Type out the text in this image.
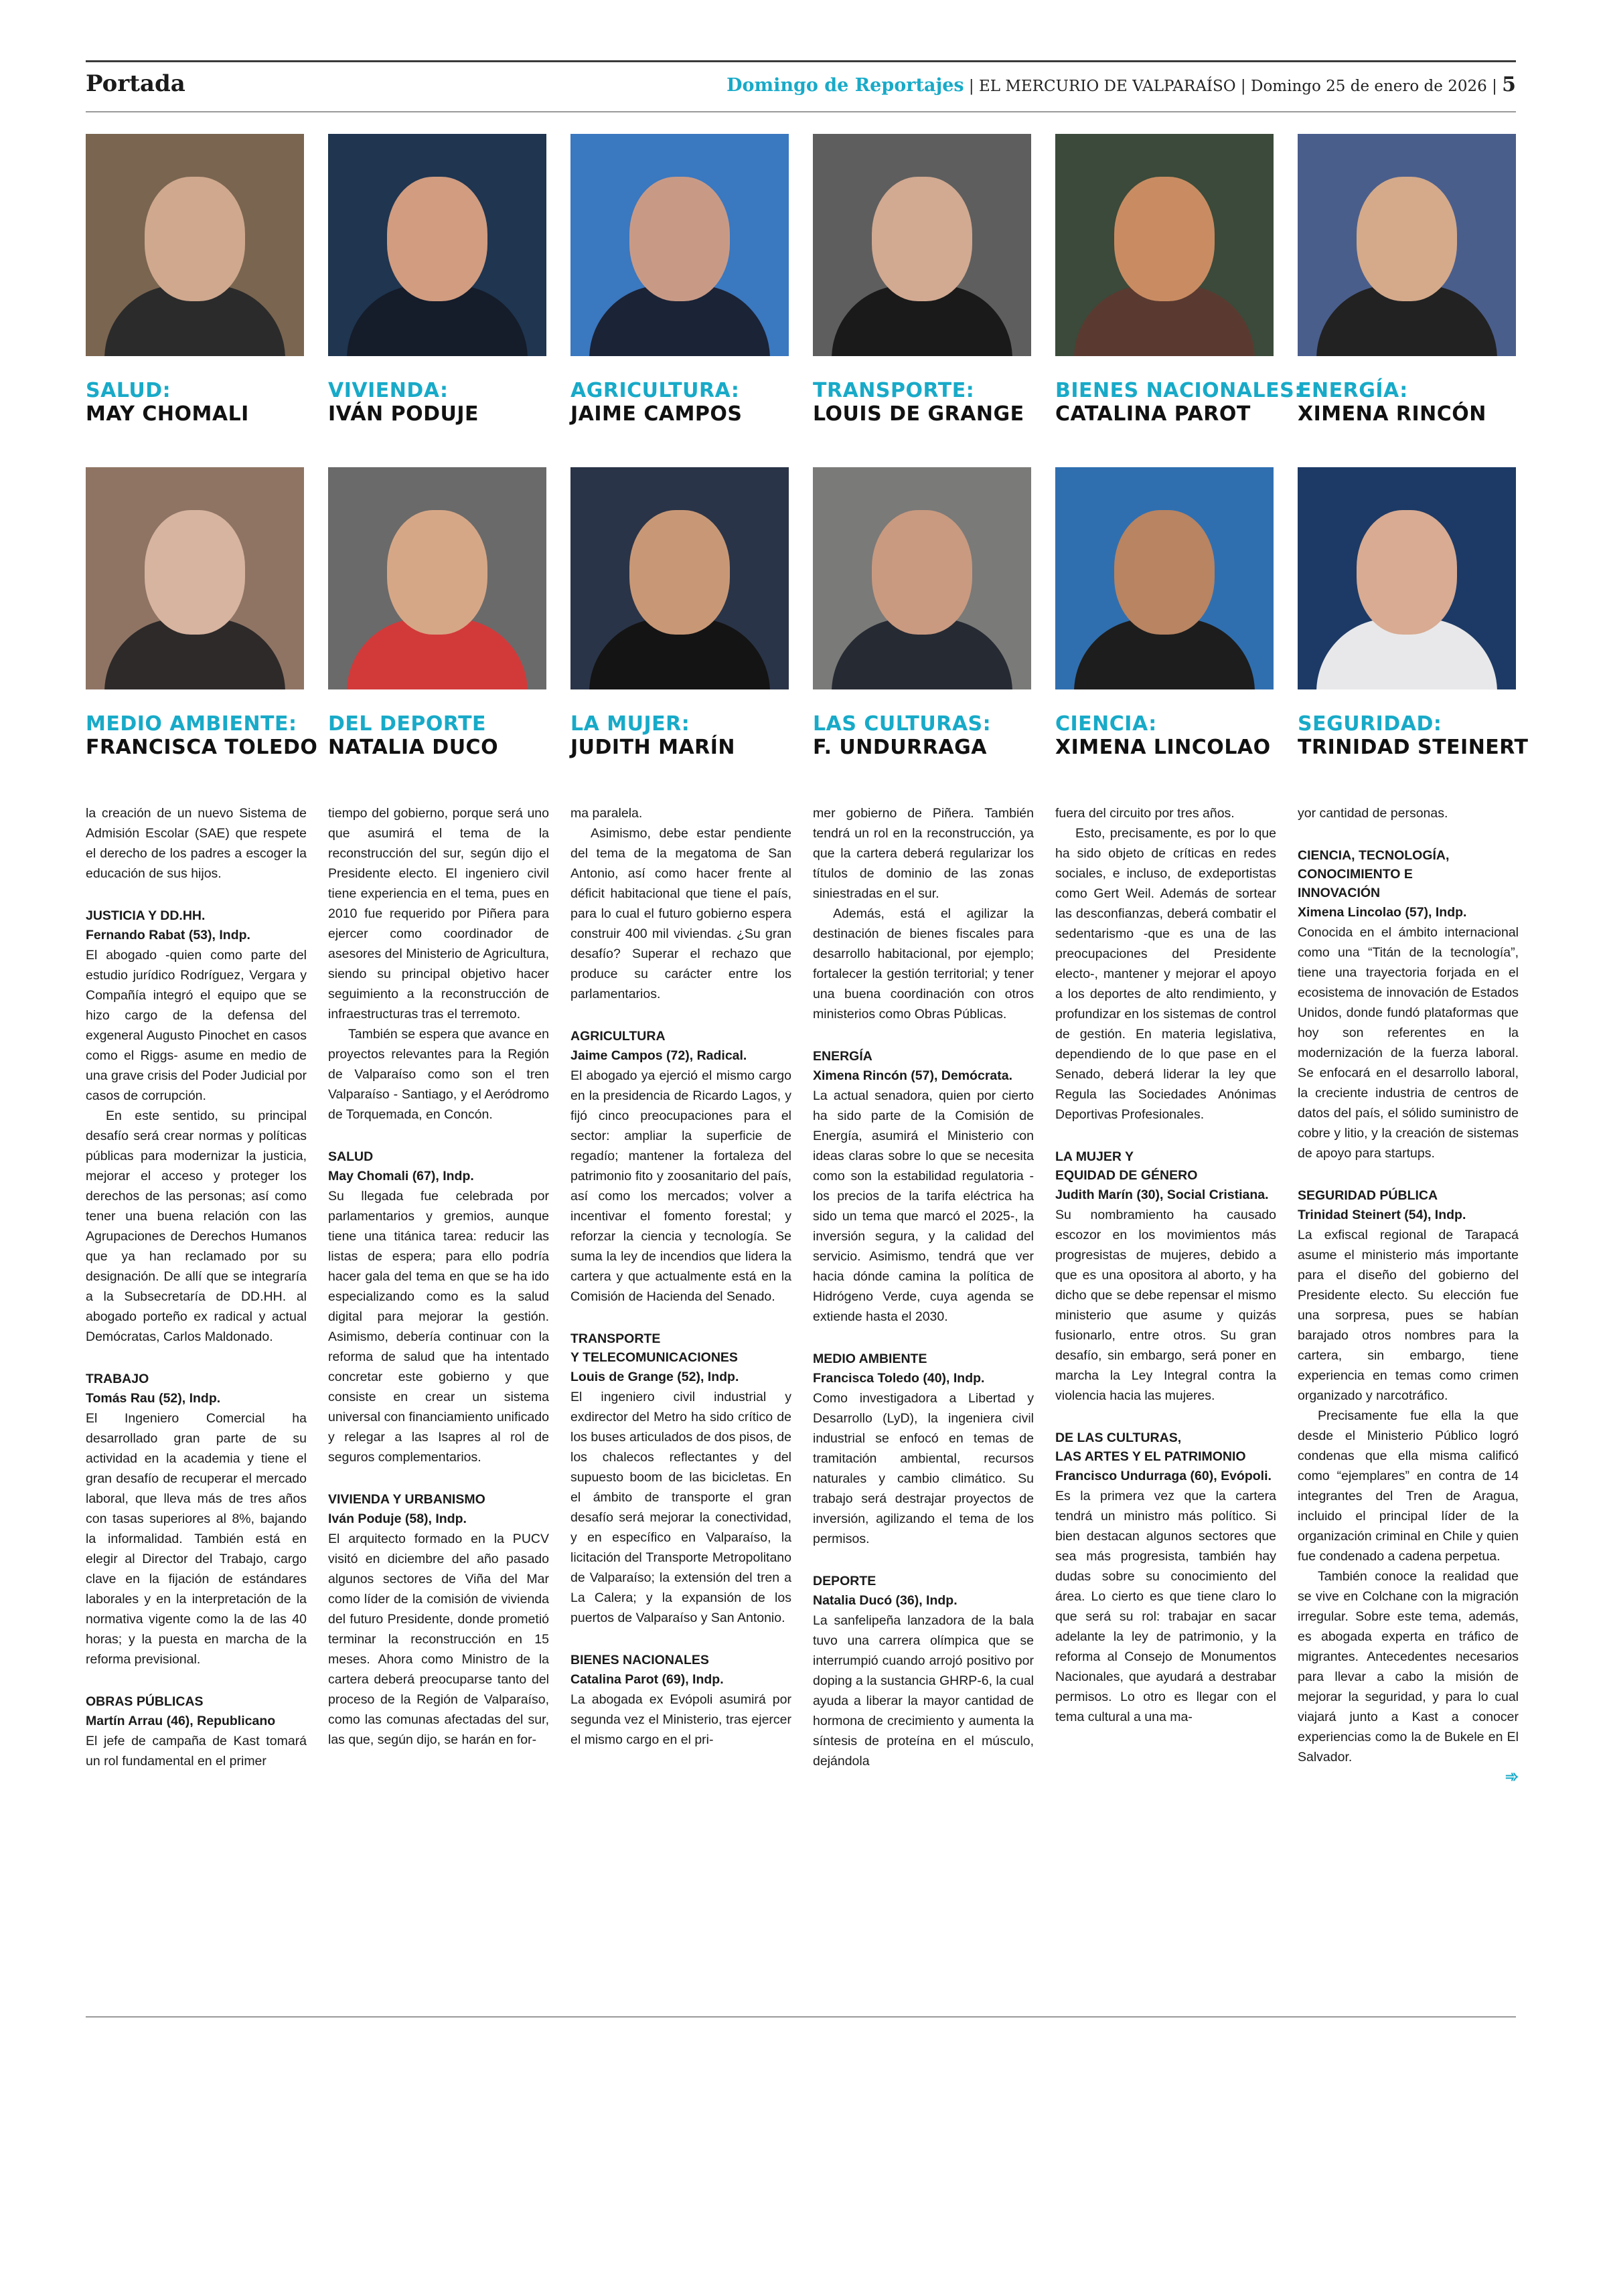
Portada	Domingo de Reportajes | EL MERCURIO DE VALPARAÍSO | Domingo 25 de enero de 2026 | 5
SALUD:
MAY CHOMALI
VIVIENDA:
IVÁN PODUJE
AGRICULTURA:
JAIME CAMPOS
TRANSPORTE:
LOUIS DE GRANGE
BIENES NACIONALES:
CATALINA PAROT
ENERGÍA:
XIMENA RINCÓN
MEDIO AMBIENTE:
FRANCISCA TOLEDO
DEL DEPORTE
NATALIA DUCO
LA MUJER:
JUDITH MARÍN
LAS CULTURAS:
F. UNDURRAGA
CIENCIA:
XIMENA LINCOLAO
SEGURIDAD:
TRINIDAD STEINERT

la creación de un nuevo Sistema de Admisión Escolar (SAE) que respete el derecho de los padres a escoger la educación de sus hijos.

JUSTICIA Y DD.HH.

Fernando Rabat (53), Indp.

El abogado -quien como parte del estudio jurídico Rodríguez, Vergara y Compañía integró el equipo que se hizo cargo de la defensa del exgeneral Augusto Pinochet en casos como el Riggs- asume en medio de una grave crisis del Poder Judicial por casos de corrupción.

En este sentido, su principal desafío será crear normas y políticas públicas para modernizar la justicia, mejorar el acceso y proteger los derechos de las personas; así como tener una buena relación con las Agrupaciones de Derechos Humanos que ya han reclamado por su designación. De allí que se integraría a la Subsecretaría de DD.HH. al abogado porteño ex radical y actual Demócratas, Carlos Maldonado.

TRABAJO

Tomás Rau (52), Indp.

El Ingeniero Comercial ha desarrollado gran parte de su actividad en la academia y tiene el gran desafío de recuperar el mercado laboral, que lleva más de tres años con tasas superiores al 8%, bajando la informalidad. También está en elegir al Director del Trabajo, cargo clave en la fijación de estándares laborales y en la interpretación de la normativa vigente como la de las 40 horas; y la puesta en marcha de la reforma previsional.

OBRAS PÚBLICAS

Martín Arrau (46), Republicano

El jefe de campaña de Kast tomará un rol fundamental en el primer

tiempo del gobierno, porque será uno que asumirá el tema de la reconstrucción del sur, según dijo el Presidente electo. El ingeniero civil tiene experiencia en el tema, pues en 2010 fue requerido por Piñera para ejercer como coordinador de asesores del Ministerio de Agricultura, siendo su principal objetivo hacer seguimiento a la reconstrucción de infraestructuras tras el terremoto.

También se espera que avance en proyectos relevantes para la Región de Valparaíso como son el tren Valparaíso - Santiago, y el Aeródromo de Torquemada, en Concón.

SALUD

May Chomali (67), Indp.

Su llegada fue celebrada por parlamentarios y gremios, aunque tiene una titánica tarea: reducir las listas de espera; para ello podría hacer gala del tema en que se ha ido especializando como es la salud digital para mejorar la gestión. Asimismo, debería continuar con la reforma de salud que ha intentado concretar este gobierno y que consiste en crear un sistema universal con financiamiento unificado y relegar a las Isapres al rol de seguros complementarios.

VIVIENDA Y URBANISMO

Iván Poduje (58), Indp.

El arquitecto formado en la PUCV visitó en diciembre del año pasado algunos sectores de Viña del Mar como líder de la comisión de vivienda del futuro Presidente, donde prometió terminar la reconstrucción en 15 meses. Ahora como Ministro de la cartera deberá preocuparse tanto del proceso de la Región de Valparaíso, como las comunas afectadas del sur, las que, según dijo, se harán en for-

ma paralela.

Asimismo, debe estar pendiente del tema de la megatoma de San Antonio, así como hacer frente al déficit habitacional que tiene el país, para lo cual el futuro gobierno espera construir 400 mil viviendas. ¿Su gran desafío? Superar el rechazo que produce su carácter entre los parlamentarios.

AGRICULTURA

Jaime Campos (72), Radical.

El abogado ya ejerció el mismo cargo en la presidencia de Ricardo Lagos, y fijó cinco preocupaciones para el sector: ampliar la superficie de regadío; mantener la fortaleza del patrimonio fito y zoosanitario del país, así como los mercados; volver a incentivar el fomento forestal; y reforzar la ciencia y tecnología. Se suma la ley de incendios que lidera la cartera y que actualmente está en la Comisión de Hacienda del Senado.

TRANSPORTE
Y TELECOMUNICACIONES

Louis de Grange (52), Indp.

El ingeniero civil industrial y exdirector del Metro ha sido crítico de los buses articulados de dos pisos, de los chalecos reflectantes y del supuesto boom de las bicicletas. En el ámbito de transporte el gran desafío será mejorar la conectividad, y en específico en Valparaíso, la licitación del Transporte Metropolitano de Valparaíso; la extensión del tren a La Calera; y la expansión de los puertos de Valparaíso y San Antonio.

BIENES NACIONALES

Catalina Parot (69), Indp.

La abogada ex Evópoli asumirá por segunda vez el Ministerio, tras ejercer el mismo cargo en el pri-

mer gobierno de Piñera. También tendrá un rol en la reconstrucción, ya que la cartera deberá regularizar los títulos de dominio de las zonas siniestradas en el sur.

Además, está el agilizar la destinación de bienes fiscales para desarrollo habitacional, por ejemplo; fortalecer la gestión territorial; y tener una buena coordinación con otros ministerios como Obras Públicas.

ENERGÍA

Ximena Rincón (57), Demócrata.

La actual senadora, quien por cierto ha sido parte de la Comisión de Energía, asumirá el Ministerio con ideas claras sobre lo que se necesita como son la estabilidad regulatoria -los precios de la tarifa eléctrica ha sido un tema que marcó el 2025-, la inversión segura, y la calidad del servicio. Asimismo, tendrá que ver hacia dónde camina la política de Hidrógeno Verde, cuya agenda se extiende hasta el 2030.

MEDIO AMBIENTE

Francisca Toledo (40), Indp.

Como investigadora a Libertad y Desarrollo (LyD), la ingeniera civil industrial se enfocó en temas de tramitación ambiental, recursos naturales y cambio climático. Su trabajo será destrajar proyectos de inversión, agilizando el tema de los permisos.

DEPORTE

Natalia Ducó (36), Indp.

La sanfelipeña lanzadora de la bala tuvo una carrera olímpica que se interrumpió cuando arrojó positivo por doping a la sustancia GHRP-6, la cual ayuda a liberar la mayor cantidad de hormona de crecimiento y aumenta la síntesis de proteína en el músculo, dejándola

fuera del circuito por tres años.

Esto, precisamente, es por lo que ha sido objeto de críticas en redes sociales, e incluso, de exdeportistas como Gert Weil. Además de sortear las desconfianzas, deberá combatir el sedentarismo -que es una de las preocupaciones del Presidente electo-, mantener y mejorar el apoyo a los deportes de alto rendimiento, y profundizar en los sistemas de control de gestión. En materia legislativa, dependiendo de lo que pase en el Senado, deberá liderar la ley que Regula las Sociedades Anónimas Deportivas Profesionales.

LA MUJER Y
EQUIDAD DE GÉNERO

Judith Marín (30), Social Cristiana.

Su nombramiento ha causado escozor en los movimientos más progresistas de mujeres, debido a que es una opositora al aborto, y ha dicho que se debe repensar el mismo ministerio que asume y quizás fusionarlo, entre otros. Su gran desafío, sin embargo, será poner en marcha la Ley Integral contra la violencia hacia las mujeres.

DE LAS CULTURAS,
LAS ARTES Y EL PATRIMONIO

Francisco Undurraga (60), Evópoli.

Es la primera vez que la cartera tendrá un ministro más político. Si bien destacan algunos sectores que sea más progresista, también hay dudas sobre su conocimiento del área. Lo cierto es que tiene claro lo que será su rol: trabajar en sacar adelante la ley de patrimonio, y la reforma al Consejo de Monumentos Nacionales, que ayudará a destrabar permisos. Lo otro es llegar con el tema cultural a una ma-

yor cantidad de personas.

CIENCIA, TECNOLOGÍA,
CONOCIMIENTO E
INNOVACIÓN

Ximena Lincolao (57), Indp.

Conocida en el ámbito internacional como una “Titán de la tecnología”, tiene una trayectoria forjada en el ecosistema de innovación de Estados Unidos, donde fundó plataformas que hoy son referentes en la modernización de la fuerza laboral. Se enfocará en el desarrollo laboral, la creciente industria de centros de datos del país, el sólido suministro de cobre y litio, y la creación de sistemas de apoyo para startups.

SEGURIDAD PÚBLICA

Trinidad Steinert (54), Indp.

La exfiscal regional de Tarapacá asume el ministerio más importante para el diseño del gobierno del Presidente electo. Su elección fue una sorpresa, pues se habían barajado otros nombres para la cartera, sin embargo, tiene experiencia en temas como crimen organizado y narcotráfico.

Precisamente fue ella la que desde el Ministerio Público logró condenas que ella misma calificó como “ejemplares” en contra de 14 integrantes del Tren de Aragua, incluido el principal líder de la organización criminal en Chile y quien fue condenado a cadena perpetua.

También conoce la realidad que se vive en Colchane con la migración irregular. Sobre este tema, además, es abogada experta en tráfico de migrantes. Antecedentes necesarios para llevar a cabo la misión de mejorar la seguridad, y para lo cual viajará junto a Kast a conocer experiencias como la de Bukele en El Salvador.

➾
